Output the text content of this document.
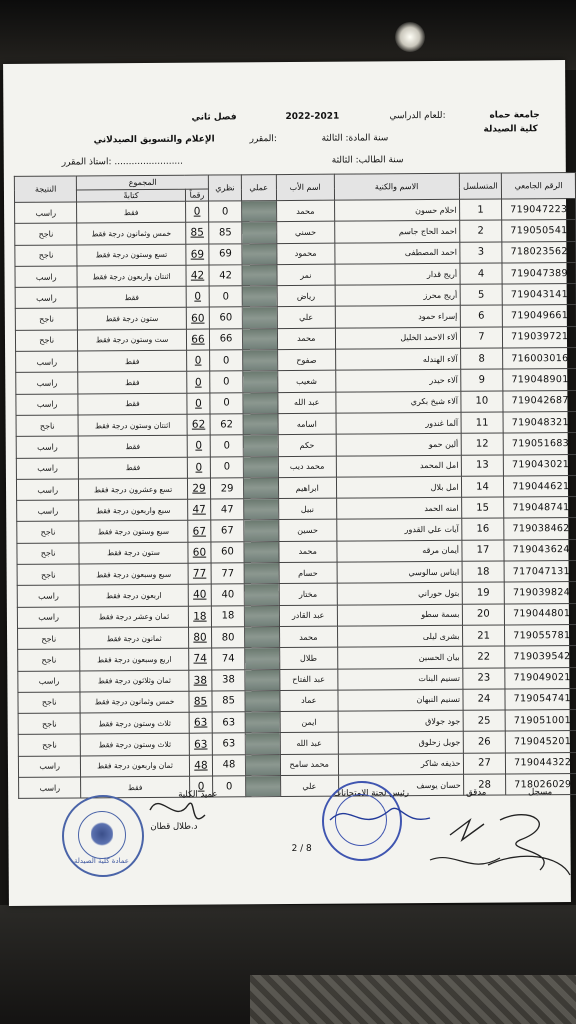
جامعة حماه
كلية الصيدلة
للعام الدراسي:
2022-2021
فصل ثاني
سنة المادة: الثالثة
المقرر:
الإعلام والتسويق الصيدلاني
سنة الطالب: الثالثة
استاذ المقرر: ........................
الرقم الجامعي	المتسلسل	الاسم والكنية	اسم الأب	عملي	نظري	المجموع		النتيجة
						رقماً	كتابةً	
719047223	1	احلام حسون	محمد		0	0	فقط	راسب
719050541	2	احمد الحاج جاسم	حسني		85	85	خمس وثمانون درجة فقط	ناجح
718023562	3	احمد المصطفى	محمود		69	69	تسع وستون درجة فقط	ناجح
719047389	4	أريج قدار	نمر		42	42	اثنتان واربعون درجة فقط	راسب
719043141	5	أريج محرز	رياض		0	0	فقط	راسب
719049661	6	إسراء حمود	علي		60	60	ستون درجة فقط	ناجح
719039721	7	ألاء الاحمد الخليل	محمد		66	66	ست وستون درجة فقط	ناجح
716003016	8	آلاء الهندله	صفوح		0	0	فقط	راسب
719048901	9	آلاء حيدر	شعيب		0	0	فقط	راسب
719042687	10	آلاء شيخ بكري	عبد الله		0	0	فقط	راسب
719048321	11	آلما غندور	اسامه		62	62	اثنتان وستون درجة فقط	ناجح
719051683	12	ألين حمو	حكم		0	0	فقط	راسب
719043021	13	امل المحمد	محمد ديب		0	0	فقط	راسب
719044621	14	امل بلال	ابراهيم		29	29	تسع وعشرون درجة فقط	راسب
719048741	15	امنه الحمد	نبيل		47	47	سبع واربعون درجة فقط	راسب
719038462	16	آيات علي القدور	حسين		67	67	سبع وستون درجة فقط	ناجح
719043624	17	أيمان مرقه	محمد		60	60	ستون درجة فقط	ناجح
717047131	18	ايناس سالوسي	حسام		77	77	سبع وسبعون درجة فقط	ناجح
719039824	19	بتول حوراني	مختار		40	40	اربعون درجة فقط	راسب
719044801	20	بسمة سطو	عبد القادر		18	18	ثمان وعشر درجة فقط	راسب
719055781	21	بشرى ليلى	محمد		80	80	ثمانون درجة فقط	ناجح
719039542	22	بيان الحسين	طلال		74	74	اربع وسبعون درجة فقط	ناجح
719049021	23	تسنيم البنات	عبد الفتاح		38	38	ثمان وثلاثون درجة فقط	راسب
719054741	24	تسنيم النبهان	عماد		85	85	خمس وثمانون درجة فقط	ناجح
719051001	25	جود جولاق	ايمن		63	63	ثلاث وستون درجة فقط	ناجح
719045201	26	جويل زحلوق	عبد الله		63	63	ثلاث وستون درجة فقط	ناجح
719044322	27	حذيفه شاكر	محمد سامح		48	48	ثمان واربعون درجة فقط	راسب
718026029	28	حسان يوسف	علي		0	0	فقط	راسب	مسجل
مدقق
رئيس لجنة الامتحانات
عميد الكلية
د.طلال قطان
2 / 8
عمادة كلية الصيدلة
